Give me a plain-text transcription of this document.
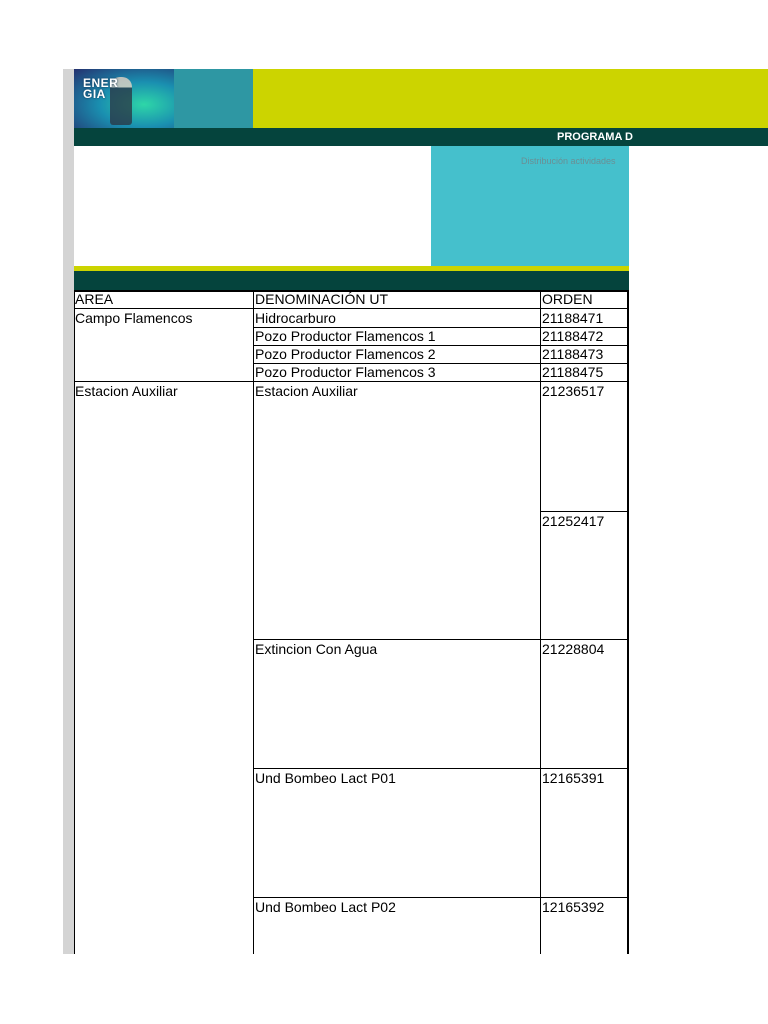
ENER
GIA
PROGRAMA D
Distribución actividades
AREA	DENOMINACIÓN UT	ORDEN
Campo Flamencos
Estacion Auxiliar
Hidrocarburo
Pozo Productor Flamencos 1
Pozo Productor Flamencos 2
Pozo Productor Flamencos 3
Estacion Auxiliar
Extincion Con Agua
Und Bombeo Lact P01
Und Bombeo Lact P02
21188471
21188472
21188473
21188475
21236517
21252417
21228804
12165391
12165392
